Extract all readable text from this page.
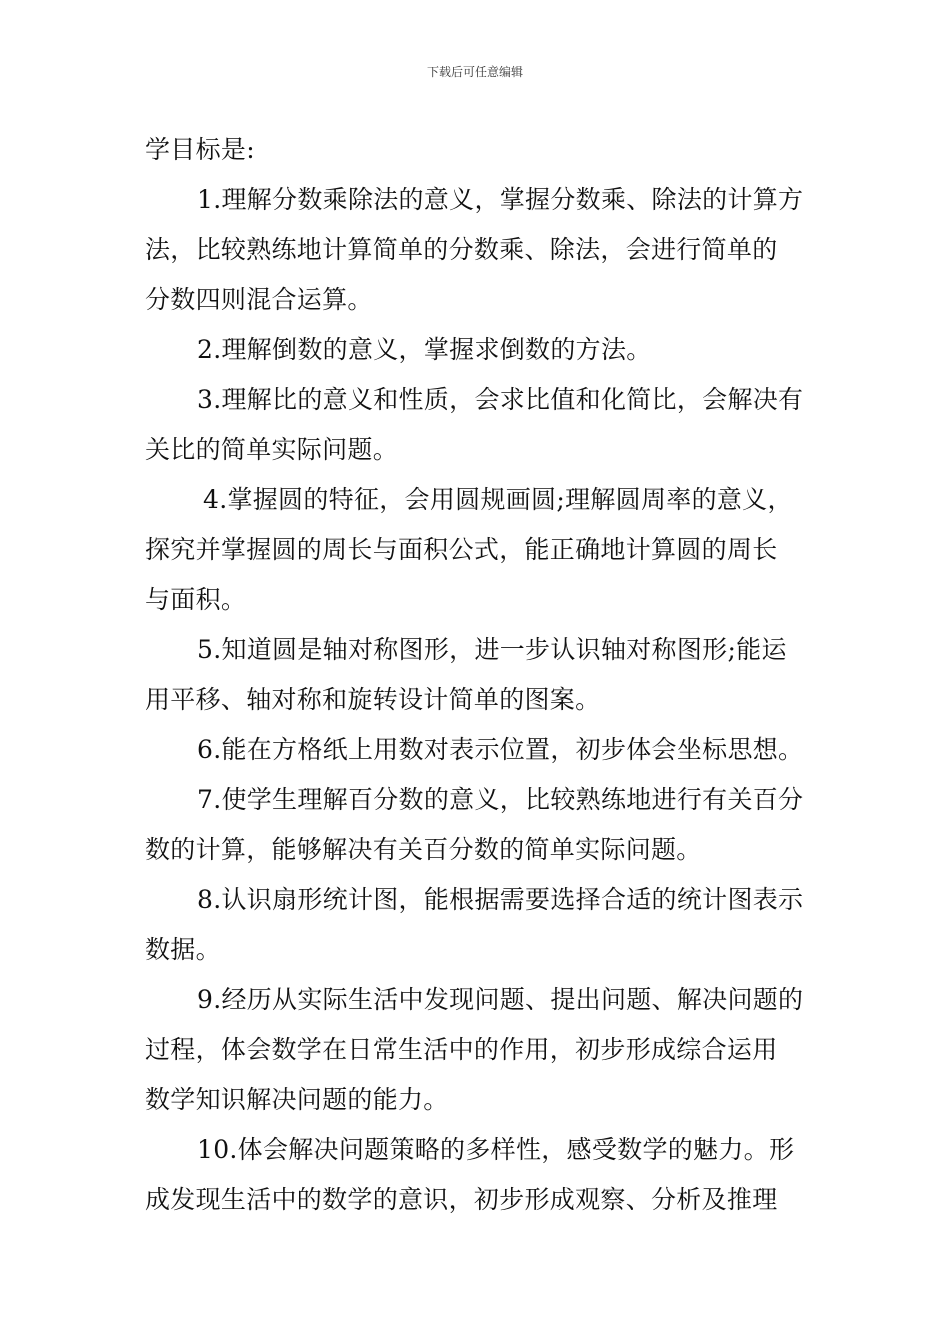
下载后可任意编辑
学目标是:
1.理解分数乘除法的意义，掌握分数乘、除法的计算方
法，比较熟练地计算简单的分数乘、除法，会进行简单的
分数四则混合运算。
2.理解倒数的意义，掌握求倒数的方法。
3.理解比的意义和性质，会求比值和化简比，会解决有
关比的简单实际问题。
4.掌握圆的特征，会用圆规画圆;理解圆周率的意义，
探究并掌握圆的周长与面积公式，能正确地计算圆的周长
与面积。
5.知道圆是轴对称图形，进一步认识轴对称图形;能运
用平移、轴对称和旋转设计简单的图案。
6.能在方格纸上用数对表示位置，初步体会坐标思想。
7.使学生理解百分数的意义，比较熟练地进行有关百分
数的计算，能够解决有关百分数的简单实际问题。
8.认识扇形统计图，能根据需要选择合适的统计图表示
数据。
9.经历从实际生活中发现问题、提出问题、解决问题的
过程，体会数学在日常生活中的作用，初步形成综合运用
数学知识解决问题的能力。
10.体会解决问题策略的多样性，感受数学的魅力。形
成发现生活中的数学的意识，初步形成观察、分析及推理
